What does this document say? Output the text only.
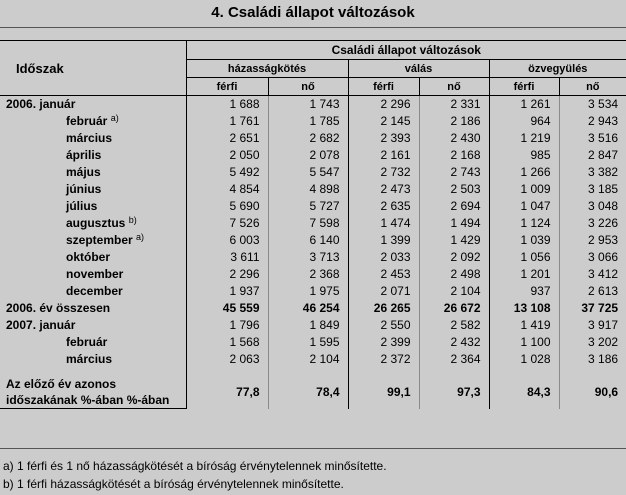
4. Családi állapot változások
Időszak	Családi állapot változások					
	házasságkötés		válás		özvegyülés	
	férfi	nő	férfi	nő	férfi	nő
2006. január	1 688	1 743	2 296	2 331	1 261	3 534
február $^{a)}$	1 761	1 785	2 145	2 186	964	2 943
március	2 651	2 682	2 393	2 430	1 219	3 516
április	2 050	2 078	2 161	2 168	985	2 847
május	5 492	5 547	2 732	2 743	1 266	3 382
június	4 854	4 898	2 473	2 503	1 009	3 185
július	5 690	5 727	2 635	2 694	1 047	3 048
augusztus $^{b)}$	7 526	7 598	1 474	1 494	1 124	3 226
szeptember $^{a)}$	6 003	6 140	1 399	1 429	1 039	2 953
október	3 611	3 713	2 033	2 092	1 056	3 066
november	2 296	2 368	2 453	2 498	1 201	3 412
december	1 937	1 975	2 071	2 104	937	2 613
2006. év összesen	45 559	46 254	26 265	26 672	13 108	37 725
2007. január	1 796	1 849	2 550	2 582	1 419	3 917
február	1 568	1 595	2 399	2 432	1 100	3 202
március	2 063	2 104	2 372	2 364	1 028	3 186

Az előző év azonos	77,8	78,4	99,1	97,3	84,3	90,6
időszakának %-ában %-ában						
a) 1 férfi és 1 nő házasságkötését a bíróság érvénytelennek minősítette.
b) 1 férfi házasságkötését a bíróság érvénytelennek minősítette.
